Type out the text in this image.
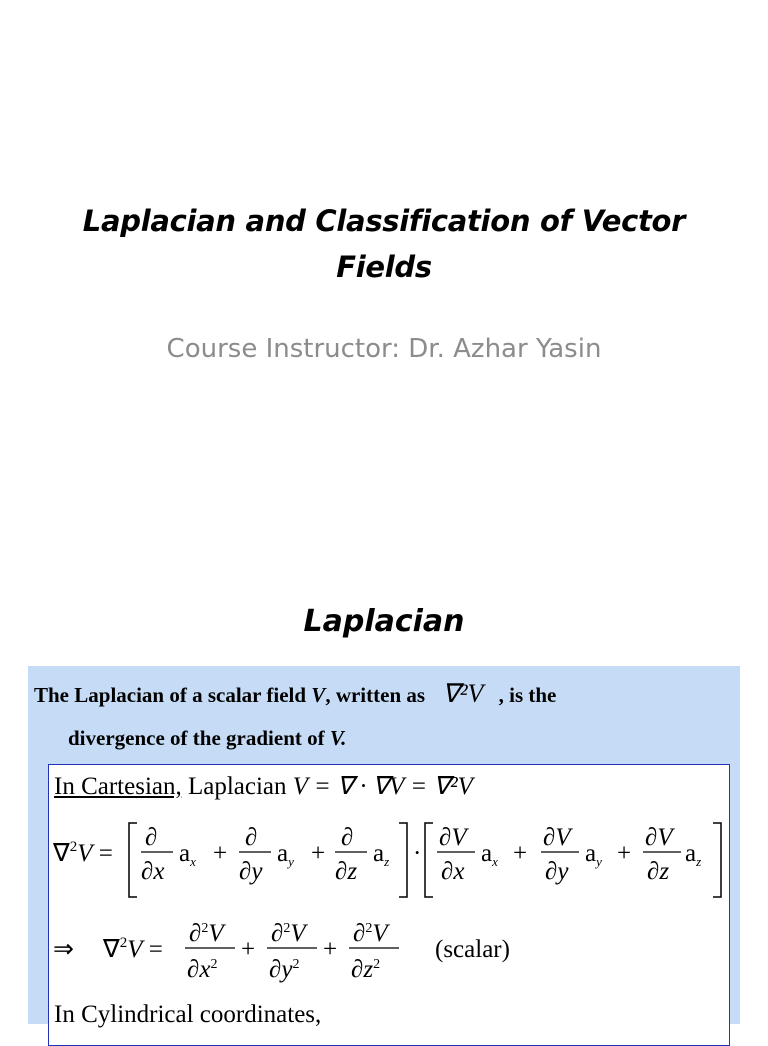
Laplacian and Classification of Vector
Fields
Course Instructor: Dr. Azhar Yasin
Laplacian
The Laplacian of a scalar field V, written as ∇²V , is the
divergence of the gradient of V.
In Cartesian, Laplacian V = ∇ · ∇V = ∇²V
∇$^2$V =
∂
∂x
$a_x$ +
∂
∂y
$a_y$ +
∂
∂z
$a_z$ ·
∂V
∂x
$a_x$ +
∂V
∂y
$a_y$ +
∂V
∂z
$a_z$
⇒ ∇$^2$V =
∂$^2$V
$\partial x^2$
+
∂$^2$V
$\partial y^2$
+
∂$^2$V
$\partial z^2$
(scalar)
In Cylindrical coordinates,
